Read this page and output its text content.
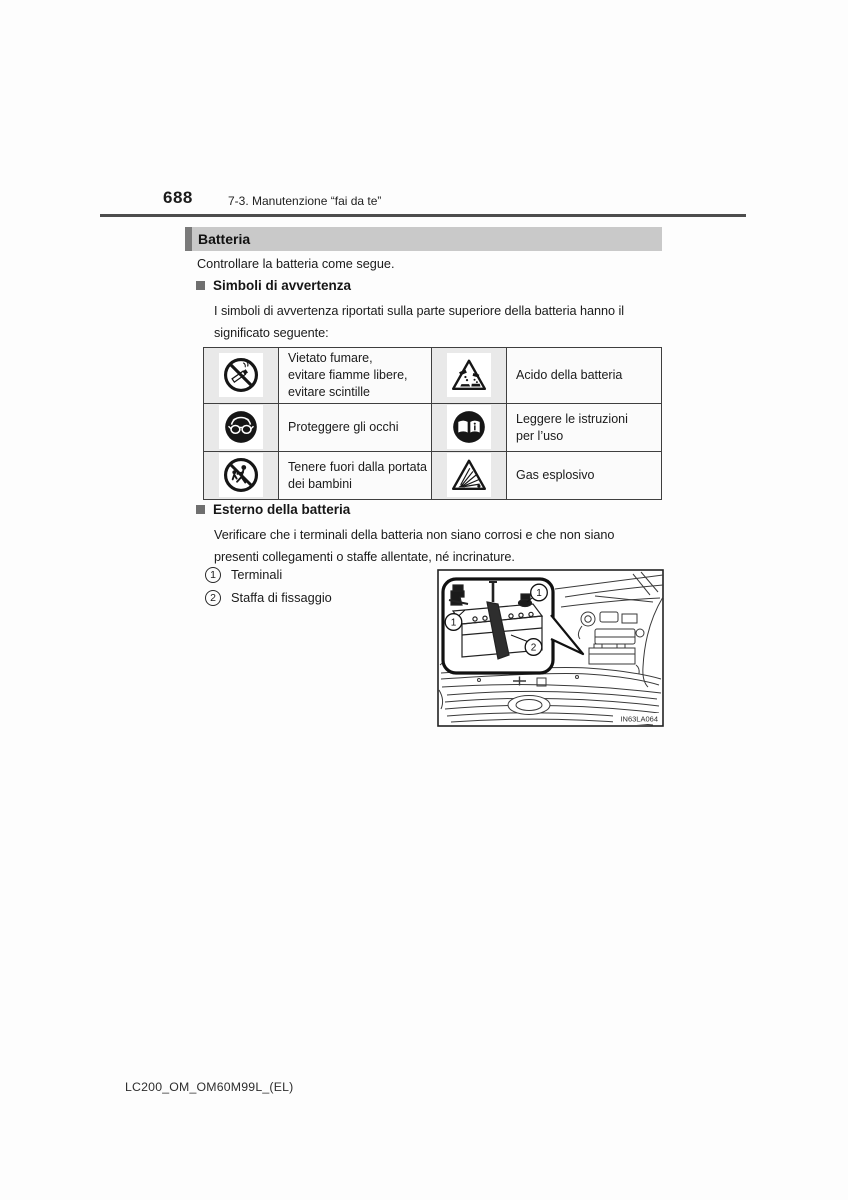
688	7-3. Manutenzione “fai da te”
Batteria
Controllare la batteria come segue.
Simboli di avvertenza
I simboli di avvertenza riportati sulla parte superiore della batteria hanno il
significato seguente:

Vietato fumare,
evitare fiamme libere,
evitare scintille		Acido della batteria

Proteggere gli occhi		Leggere le istruzioni
per l’uso

Tenere fuori dalla portata
dei bambini		Gas esplosivo
Esterno della batteria
Verificare che i terminali della batteria non siano corrosi e che non siano
presenti collegamenti o staffe allentate, né incrinature.
1	Terminali
2	Staffa di fissaggio	1
1
2
IN63LA064
LC200_OM_OM60M99L_(EL)
